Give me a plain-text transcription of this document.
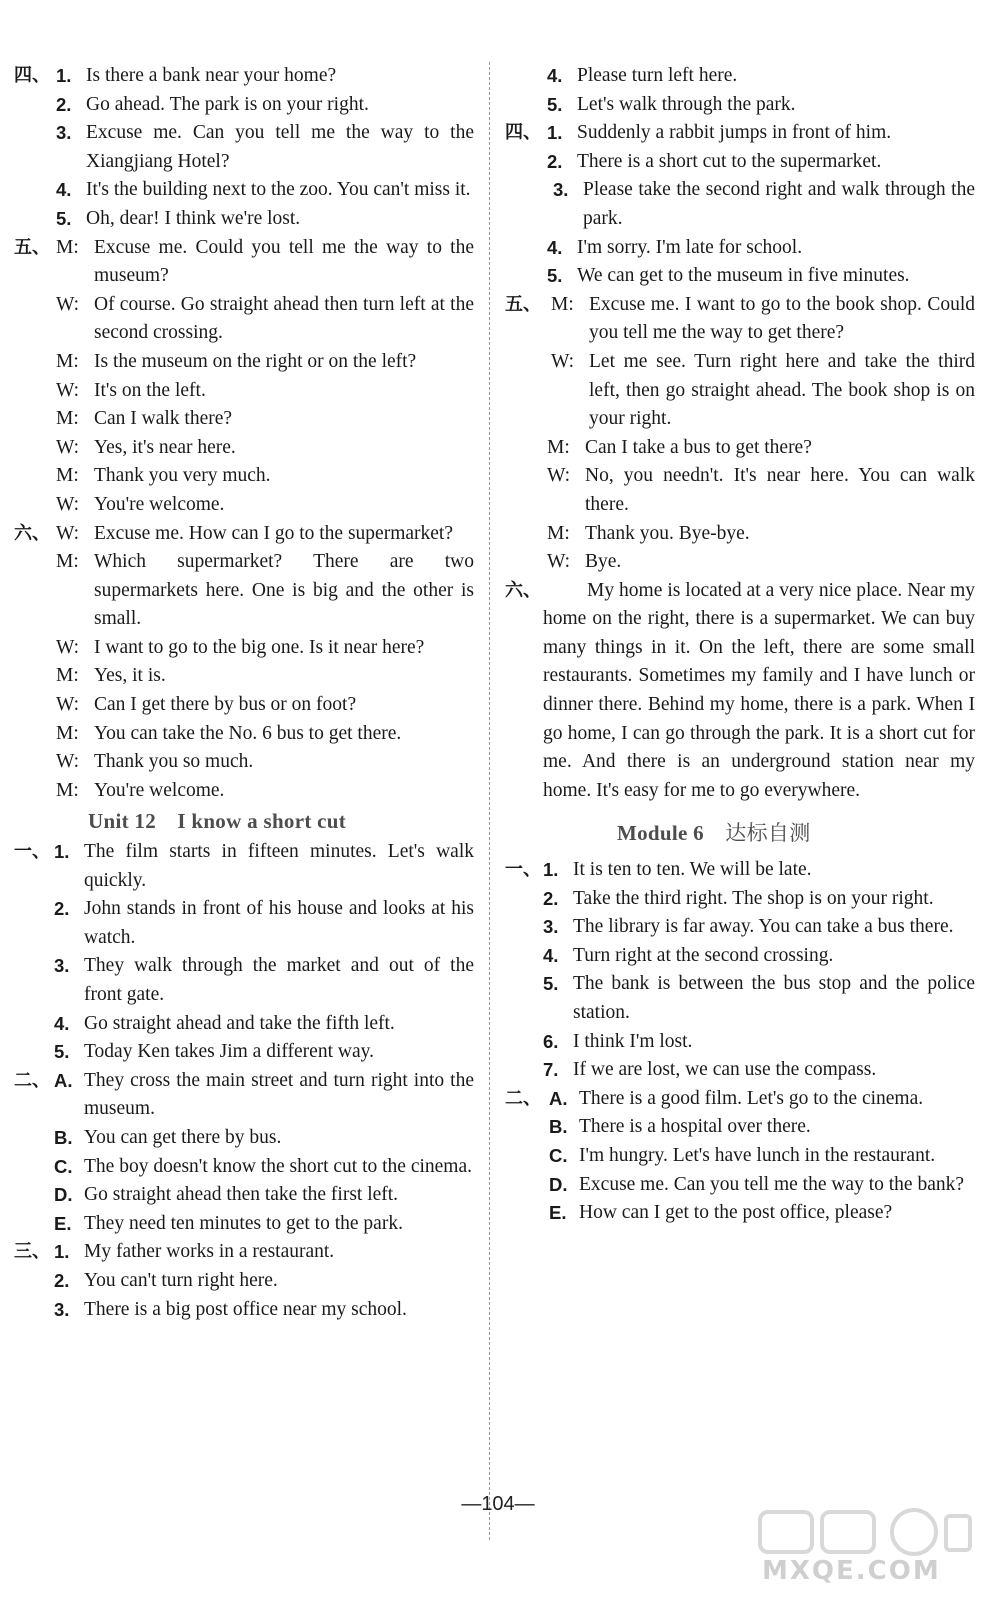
四、 1. Is there a bank near your home?
2. Go ahead. The park is on your right.
3. Excuse me. Can you tell me the way to the Xiangjiang Hotel?
4. It's the building next to the zoo. You can't miss it.
5. Oh, dear! I think we're lost.
五、 M: Excuse me. Could you tell me the way to the museum?
W: Of course. Go straight ahead then turn left at the second crossing.
M: Is the museum on the right or on the left?
W: It's on the left.
M: Can I walk there?
W: Yes, it's near here.
M: Thank you very much.
W: You're welcome.
六、 W: Excuse me. How can I go to the supermarket?
M: Which supermarket? There are two supermarkets here. One is big and the other is small.
W: I want to go to the big one. Is it near here?
M: Yes, it is.
W: Can I get there by bus or on foot?
M: You can take the No. 6 bus to get there.
W: Thank you so much.
M: You're welcome.
Unit 12　I know a short cut
一、 1. The film starts in fifteen minutes. Let's walk quickly.
2. John stands in front of his house and looks at his watch.
3. They walk through the market and out of the front gate.
4. Go straight ahead and take the fifth left.
5. Today Ken takes Jim a different way.
二、 A. They cross the main street and turn right into the museum.
B. You can get there by bus.
C. The boy doesn't know the short cut to the cinema.
D. Go straight ahead then take the first left.
E. They need ten minutes to get to the park.
三、 1. My father works in a restaurant.
2. You can't turn right here.
3. There is a big post office near my school.
4. Please turn left here.
5. Let's walk through the park.
四、 1. Suddenly a rabbit jumps in front of him.
2. There is a short cut to the supermarket.
3. Please take the second right and walk through the park.
4. I'm sorry. I'm late for school.
5. We can get to the museum in five minutes.
五、 M: Excuse me. I want to go to the book shop. Could you tell me the way to get there?
W: Let me see. Turn right here and take the third left, then go straight ahead. The book shop is on your right.
M: Can I take a bus to get there?
W: No, you needn't. It's near here. You can walk there.
M: Thank you. Bye-bye.
W: Bye.
六、 My home is located at a very nice place. Near my home on the right, there is a supermarket. We can buy many things in it. On the left, there are some small restaurants. Sometimes my family and I have lunch or dinner there. Behind my home, there is a park. When I go home, I can go through the park. It is a short cut for me. And there is an underground station near my home. It's easy for me to go everywhere.
Module 6　达标自测
一、 1. It is ten to ten. We will be late.
2. Take the third right. The shop is on your right.
3. The library is far away. You can take a bus there.
4. Turn right at the second crossing.
5. The bank is between the bus stop and the police station.
6. I think I'm lost.
7. If we are lost, we can use the compass.
二、 A. There is a good film. Let's go to the cinema.
B. There is a hospital over there.
C. I'm hungry. Let's have lunch in the restaurant.
D. Excuse me. Can you tell me the way to the bank?
E. How can I get to the post office, please?
—104—
MXQE.COM
